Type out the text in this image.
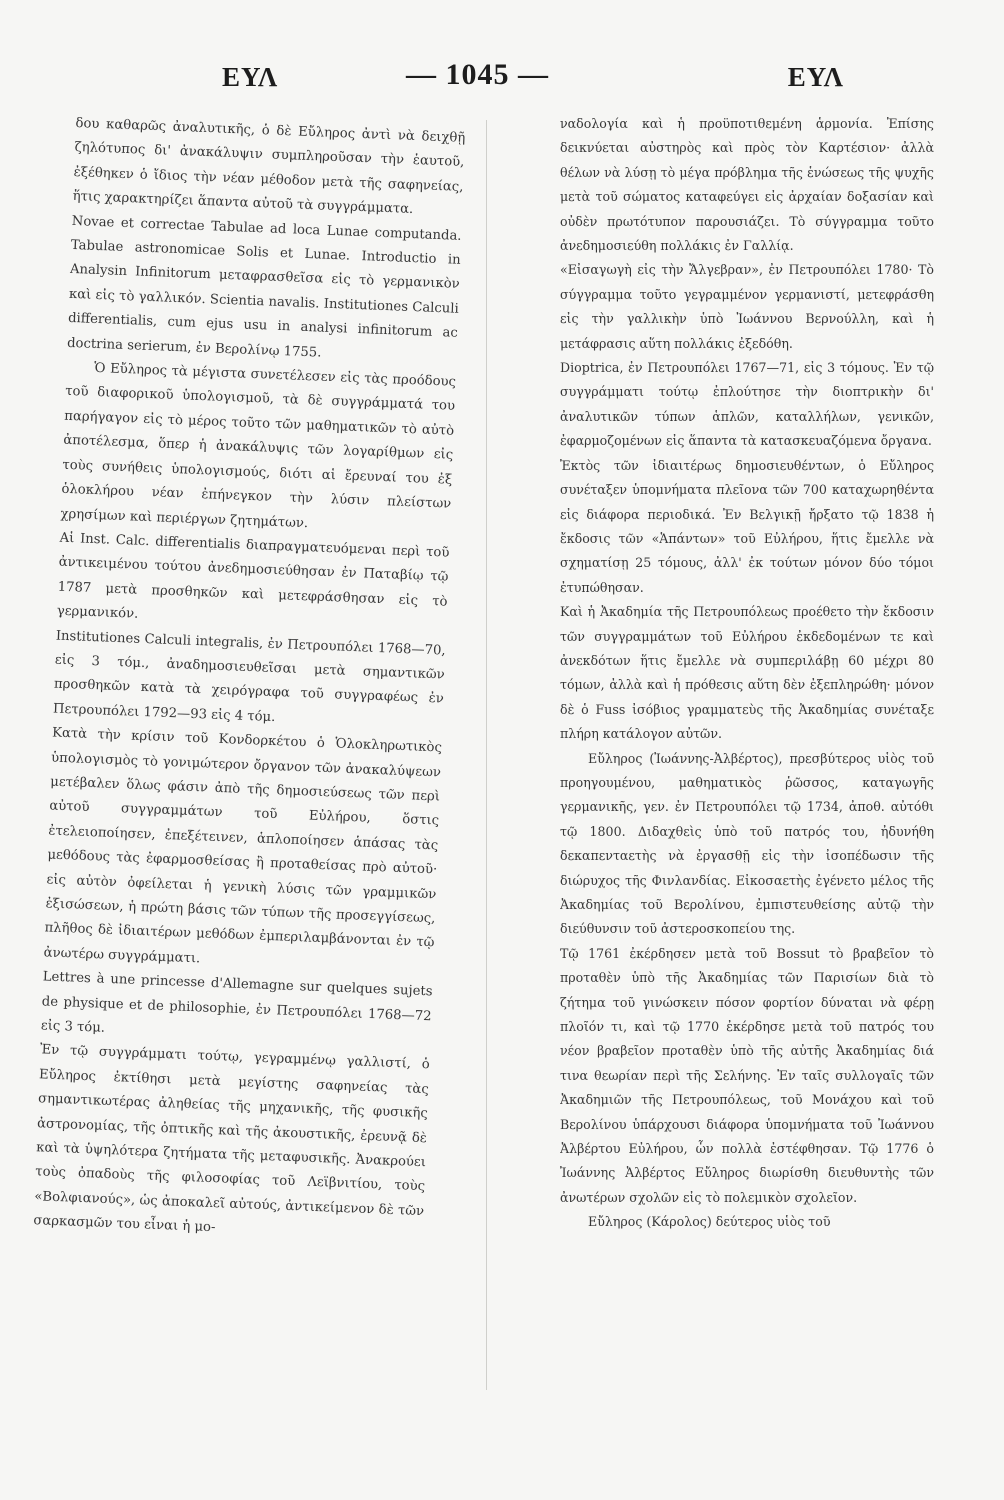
ΕΥΛ	— 1045 —	ΕΥΛ

δου καθαρῶς ἀναλυτικῆς, ὁ δὲ Εὔληρος ἀντὶ νὰ δειχθῇ ζηλότυπος δι' ἀνακάλυψιν συμπληροῦσαν τὴν ἑαυτοῦ, ἐξέθηκεν ὁ ἴδιος τὴν νέαν μέθοδον μετὰ τῆς σαφηνείας, ἥτις χαρακτηρίζει ἅπαντα αὐτοῦ τὰ συγγράμματα.

Novae et correctae Tabulae ad loca Lunae computanda. Tabulae astronomicae Solis et Lunae. Introductio in Analysin Infinitorum μεταφρασθεῖσα εἰς τὸ γερμανικὸν καὶ εἰς τὸ γαλλικόν. Scientia navalis. Institutiones Calculi differentialis, cum ejus usu in analysi infinitorum ac doctrina serierum, ἐν Βερολίνῳ 1755.

Ὁ Εὔληρος τὰ μέγιστα συνετέλεσεν εἰς τὰς προόδους τοῦ διαφορικοῦ ὑπολογισμοῦ, τὰ δὲ συγγράμματά του παρήγαγον εἰς τὸ μέρος τοῦτο τῶν μαθηματικῶν τὸ αὐτὸ ἀποτέλεσμα, ὅπερ ἡ ἀνακάλυψις τῶν λογαρίθμων εἰς τοὺς συνήθεις ὑπολογισμούς, διότι αἱ ἔρευναί του ἐξ ὁλοκλήρου νέαν ἐπήνεγκον τὴν λύσιν πλείστων χρησίμων καὶ περιέργων ζητημάτων.

Αἱ Inst. Calc. differentialis διαπραγματευόμεναι περὶ τοῦ ἀντικειμένου τούτου ἀνεδημοσιεύθησαν ἐν Παταβίῳ τῷ 1787 μετὰ προσθηκῶν καὶ μετεφράσθησαν εἰς τὸ γερμανικόν.

Institutiones Calculi integralis, ἐν Πετρουπόλει 1768—70, εἰς 3 τόμ., ἀναδημοσιευθεῖσαι μετὰ σημαντικῶν προσθηκῶν κατὰ τὰ χειρόγραφα τοῦ συγγραφέως ἐν Πετρουπόλει 1792—93 εἰς 4 τόμ.

Κατὰ τὴν κρίσιν τοῦ Κονδορκέτου ὁ Ὁλοκληρωτικὸς ὑπολογισμὸς τὸ γονιμώτερον ὄργανον τῶν ἀνακαλύψεων μετέβαλεν ὅλως φάσιν ἀπὸ τῆς δημοσιεύσεως τῶν περὶ αὐτοῦ συγγραμμάτων τοῦ Εὐλήρου, ὅστις ἐτελειοποίησεν, ἐπεξέτεινεν, ἁπλοποίησεν ἁπάσας τὰς μεθόδους τὰς ἐφαρμοσθείσας ἢ προταθείσας πρὸ αὐτοῦ· εἰς αὐτὸν ὀφείλεται ἡ γενικὴ λύσις τῶν γραμμικῶν ἐξισώσεων, ἡ πρώτη βάσις τῶν τύπων τῆς προσεγγίσεως, πλῆθος δὲ ἰδιαιτέρων μεθόδων ἐμπεριλαμβάνονται ἐν τῷ ἀνωτέρω συγγράμματι.

Lettres à une princesse d'Allemagne sur quelques sujets de physique et de philosophie, ἐν Πετρουπόλει 1768—72 εἰς 3 τόμ.

Ἐν τῷ συγγράμματι τούτῳ, γεγραμμένῳ γαλλιστί, ὁ Εὔληρος ἐκτίθησι μετὰ μεγίστης σαφηνείας τὰς σημαντικωτέρας ἀληθείας τῆς μηχανικῆς, τῆς φυσικῆς ἀστρονομίας, τῆς ὀπτικῆς καὶ τῆς ἀκουστικῆς, ἐρευνᾷ δὲ καὶ τὰ ὑψηλότερα ζητήματα τῆς μεταφυσικῆς. Ἀνακρούει τοὺς ὀπαδοὺς τῆς φιλοσοφίας τοῦ Λεϊβνιτίου, τοὺς «Βολφιανούς», ὡς ἀποκαλεῖ αὐτούς, ἀντικείμενον δὲ τῶν σαρκασμῶν του εἶναι ἡ μο-

ναδολογία καὶ ἡ προϋποτιθεμένη ἁρμονία. Ἐπίσης δεικνύεται αὐστηρὸς καὶ πρὸς τὸν Καρτέσιον· ἀλλὰ θέλων νὰ λύσῃ τὸ μέγα πρόβλημα τῆς ἑνώσεως τῆς ψυχῆς μετὰ τοῦ σώματος καταφεύγει εἰς ἀρχαίαν δοξασίαν καὶ οὐδὲν πρωτότυπον παρουσιάζει. Τὸ σύγγραμμα τοῦτο ἀνεδημοσιεύθη πολλάκις ἐν Γαλλίᾳ.

«Εἰσαγωγὴ εἰς τὴν Ἄλγεβραν», ἐν Πετρουπόλει 1780· Τὸ σύγγραμμα τοῦτο γεγραμμένον γερμανιστί, μετεφράσθη εἰς τὴν γαλλικὴν ὑπὸ Ἰωάννου Βερνούλλη, καὶ ἡ μετάφρασις αὕτη πολλάκις ἐξεδόθη.

Dioptrica, ἐν Πετρουπόλει 1767—71, εἰς 3 τόμους. Ἐν τῷ συγγράμματι τούτῳ ἐπλούτησε τὴν διοπτρικὴν δι' ἀναλυτικῶν τύπων ἁπλῶν, καταλλήλων, γενικῶν, ἐφαρμοζομένων εἰς ἅπαντα τὰ κατασκευαζόμενα ὄργανα.

Ἐκτὸς τῶν ἰδιαιτέρως δημοσιευθέντων, ὁ Εὔληρος συνέταξεν ὑπομνήματα πλεῖονα τῶν 700 καταχωρηθέντα εἰς διάφορα περιοδικά. Ἐν Βελγικῇ ἤρξατο τῷ 1838 ἡ ἔκδοσις τῶν «Ἁπάντων» τοῦ Εὐλήρου, ἥτις ἔμελλε νὰ σχηματίσῃ 25 τόμους, ἀλλ' ἐκ τούτων μόνον δύο τόμοι ἐτυπώθησαν.

Καὶ ἡ Ἀκαδημία τῆς Πετρουπόλεως προέθετο τὴν ἔκδοσιν τῶν συγγραμμάτων τοῦ Εὐλήρου ἐκδεδομένων τε καὶ ἀνεκδότων ἥτις ἔμελλε νὰ συμπεριλάβῃ 60 μέχρι 80 τόμων, ἀλλὰ καὶ ἡ πρόθεσις αὕτη δὲν ἐξεπληρώθη· μόνον δὲ ὁ Fuss ἰσόβιος γραμματεὺς τῆς Ἀκαδημίας συνέταξε πλήρη κατάλογον αὐτῶν.

Εὔληρος (Ἰωάννης-Ἀλβέρτος), πρεσβύτερος υἱὸς τοῦ προηγουμένου, μαθηματικὸς ῥῶσσος, καταγωγῆς γερμανικῆς, γεν. ἐν Πετρουπόλει τῷ 1734, ἀποθ. αὐτόθι τῷ 1800. Διδαχθεὶς ὑπὸ τοῦ πατρός του, ἠδυνήθη δεκαπενταετὴς νὰ ἐργασθῇ εἰς τὴν ἰσοπέδωσιν τῆς διώρυχος τῆς Φινλανδίας. Εἰκοσαετὴς ἐγένετο μέλος τῆς Ἀκαδημίας τοῦ Βερολίνου, ἐμπιστευθείσης αὐτῷ τὴν διεύθυνσιν τοῦ ἀστεροσκοπείου της.

Τῷ 1761 ἐκέρδησεν μετὰ τοῦ Bossut τὸ βραβεῖον τὸ προταθὲν ὑπὸ τῆς Ἀκαδημίας τῶν Παρισίων διὰ τὸ ζήτημα τοῦ γινώσκειν πόσον φορτίον δύναται νὰ φέρῃ πλοῖόν τι, καὶ τῷ 1770 ἐκέρδησε μετὰ τοῦ πατρός του νέον βραβεῖον προταθὲν ὑπὸ τῆς αὐτῆς Ἀκαδημίας διά τινα θεωρίαν περὶ τῆς Σελήνης. Ἐν ταῖς συλλογαῖς τῶν Ἀκαδημιῶν τῆς Πετρουπόλεως, τοῦ Μονάχου καὶ τοῦ Βερολίνου ὑπάρχουσι διάφορα ὑπομνήματα τοῦ Ἰωάννου Ἀλβέρτου Εὐλήρου, ὧν πολλὰ ἐστέφθησαν. Τῷ 1776 ὁ Ἰωάννης Ἀλβέρτος Εὔληρος διωρίσθη διευθυντὴς τῶν ἀνωτέρων σχολῶν εἰς τὸ πολεμικὸν σχολεῖον.

Εὔληρος (Κάρολος) δεύτερος υἱὸς τοῦ
